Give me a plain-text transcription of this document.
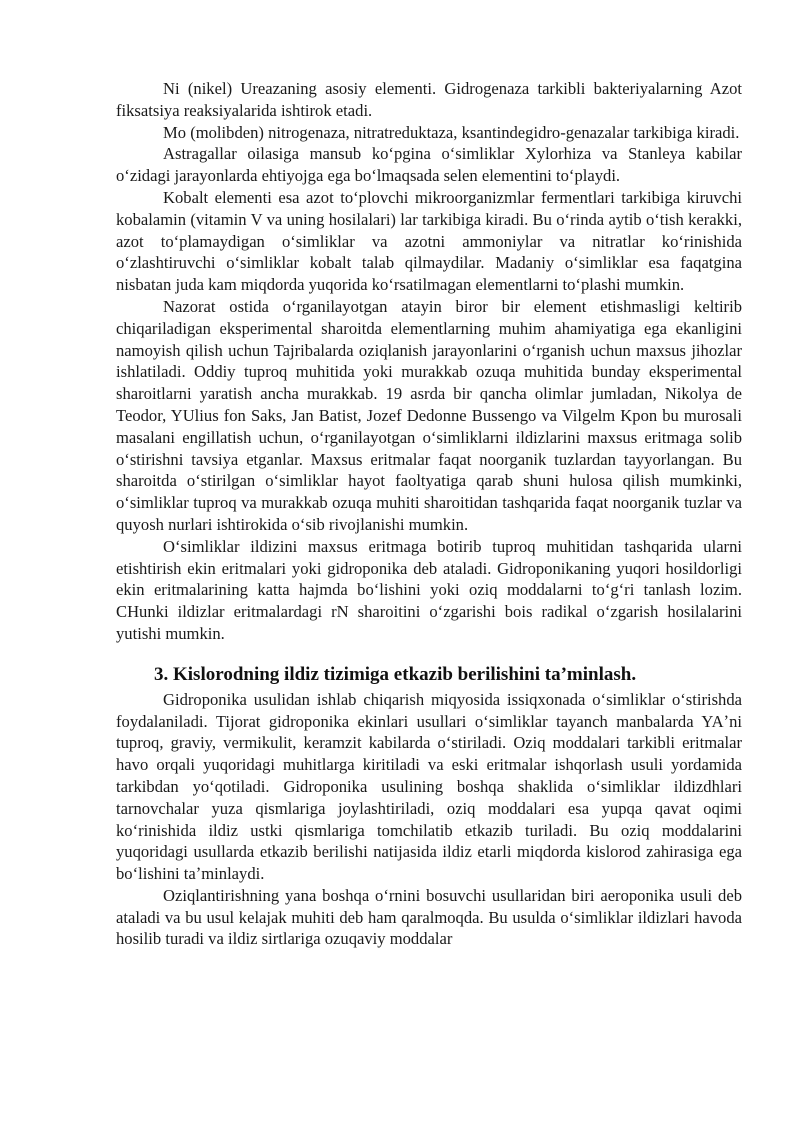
Ni (nikel) Ureazaning asosiy elementi. Gidrogenaza tarkibli bakteriyalarning Azot fiksatsiya reaksiyalarida ishtirok etadi.

Mo (molibden) nitrogenaza, nitratreduktaza, ksantindegidro-genazalar tarkibiga kiradi.

Astragallar oilasiga mansub koʻpgina oʻsimliklar Xylorhiza va Stanleya kabilar oʻzidagi jarayonlarda ehtiyojga ega boʻlmaqsada selen elementini toʻplaydi.

Kobalt elementi esa azot toʻplovchi mikroorganizmlar fermentlari tarkibiga kiruvchi kobalamin (vitamin V va uning hosilalari) lar tarkibiga kiradi. Bu oʻrinda aytib oʻtish kerakki, azot toʻplamaydigan oʻsimliklar va azotni ammoniylar va nitratlar koʻrinishida oʻzlashtiruvchi oʻsimliklar kobalt talab qilmaydilar. Madaniy oʻsimliklar esa faqatgina nisbatan juda kam miqdorda yuqorida koʻrsatilmagan elementlarni toʻplashi mumkin.

Nazorat ostida oʻrganilayotgan atayin biror bir element etishmasligi keltirib chiqariladigan eksperimental sharoitda elementlarning muhim ahamiyatiga ega ekanligini namoyish qilish uchun Tajribalarda oziqlanish jarayonlarini oʻrganish uchun maxsus jihozlar ishlatiladi. Oddiy tuproq muhitida yoki murakkab ozuqa muhitida bunday eksperimental sharoitlarni yaratish ancha murakkab. 19 asrda bir qancha olimlar jumladan, Nikolya de Teodor, YUlius fon Saks, Jan Batist, Jozef Dedonne Bussengo va Vilgelm Kpon bu murosali masalani engillatish uchun, oʻrganilayotgan oʻsimliklarni ildizlarini maxsus eritmaga solib oʻstirishni tavsiya etganlar. Maxsus eritmalar faqat noorganik tuzlardan tayyorlangan. Bu sharoitda oʻstirilgan oʻsimliklar hayot faoltyatiga qarab shuni hulosa qilish mumkinki, oʻsimliklar tuproq va murakkab ozuqa muhiti sharoitidan tashqarida faqat noorganik tuzlar va quyosh nurlari ishtirokida oʻsib rivojlanishi mumkin.

Oʻsimliklar ildizini maxsus eritmaga botirib tuproq muhitidan tashqarida ularni etishtirish ekin eritmalari yoki gidroponika deb ataladi. Gidroponikaning yuqori hosildorligi ekin eritmalarining katta hajmda boʻlishini yoki oziq moddalarni toʻgʻri tanlash lozim. CHunki ildizlar eritmalardagi rN sharoitini oʻzgarishi bois radikal oʻzgarish hosilalarini yutishi mumkin.

3. Kislorodning ildiz tizimiga etkazib berilishini taʼminlash.

Gidroponika usulidan ishlab chiqarish miqyosida issiqxonada oʻsimliklar oʻstirishda foydalaniladi. Tijorat gidroponika ekinlari usullari oʻsimliklar tayanch manbalarda YAʼni tuproq, graviy, vermikulit, keramzit kabilarda oʻstiriladi. Oziq moddalari tarkibli eritmalar havo orqali yuqoridagi muhitlarga kiritiladi va eski eritmalar ishqorlash usuli yordamida tarkibdan yoʻqotiladi. Gidroponika usulining boshqa shaklida oʻsimliklar ildizdhlari tarnovchalar yuza qismlariga joylashtiriladi, oziq moddalari esa yupqa qavat oqimi koʻrinishida ildiz ustki qismlariga tomchilatib etkazib turiladi. Bu oziq moddalarini yuqoridagi usullarda etkazib berilishi natijasida ildiz etarli miqdorda kislorod zahirasiga ega boʻlishini taʼminlaydi.

Oziqlantirishning yana boshqa oʻrnini bosuvchi usullaridan biri aeroponika usuli deb ataladi va bu usul kelajak muhiti deb ham qaralmoqda. Bu usulda oʻsimliklar ildizlari havoda hosilib turadi va ildiz sirtlariga ozuqaviy moddalar
